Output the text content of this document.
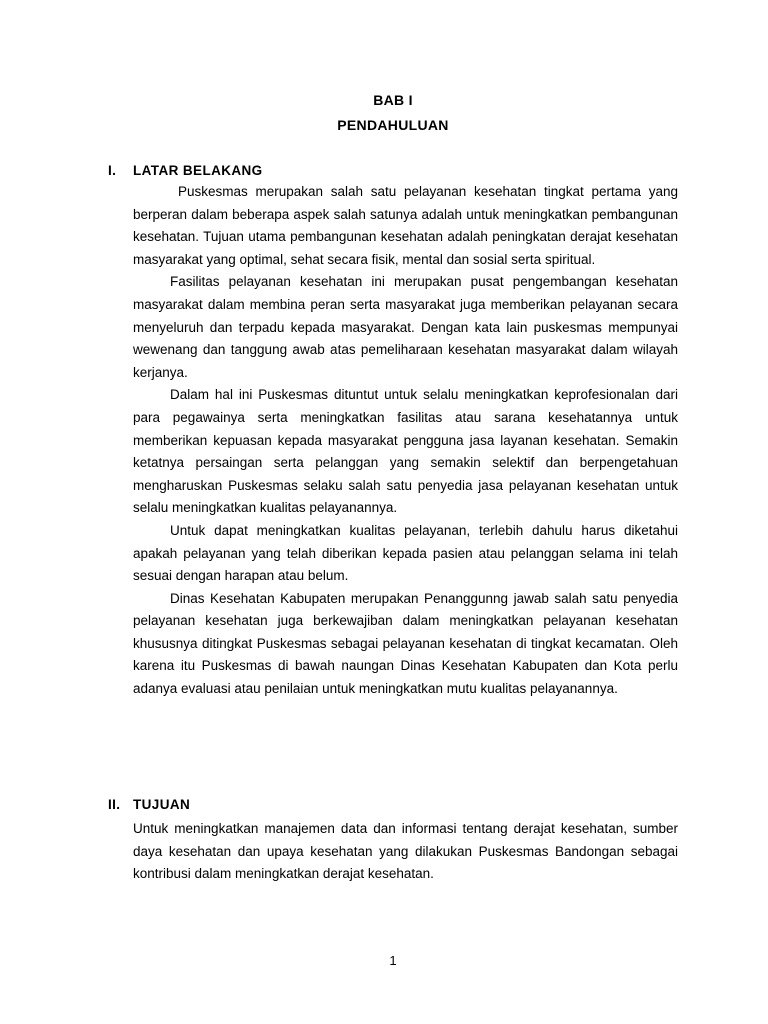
BAB I
PENDAHULUAN
I. LATAR BELAKANG

Puskesmas merupakan salah satu pelayanan kesehatan tingkat pertama yang berperan dalam beberapa aspek salah satunya adalah untuk meningkatkan pembangunan kesehatan. Tujuan utama pembangunan kesehatan adalah peningkatan derajat kesehatan masyarakat yang optimal, sehat secara fisik, mental dan sosial serta spiritual.

Fasilitas pelayanan kesehatan ini merupakan pusat pengembangan kesehatan masyarakat dalam membina peran serta masyarakat juga memberikan pelayanan secara menyeluruh dan terpadu kepada masyarakat. Dengan kata lain puskesmas mempunyai wewenang dan tanggung awab atas pemeliharaan kesehatan masyarakat dalam wilayah kerjanya.

Dalam hal ini Puskesmas dituntut untuk selalu meningkatkan keprofesionalan dari para pegawainya serta meningkatkan fasilitas atau sarana kesehatannya untuk memberikan kepuasan kepada masyarakat pengguna jasa layanan kesehatan. Semakin ketatnya persaingan serta pelanggan yang semakin selektif dan berpengetahuan mengharuskan Puskesmas selaku salah satu penyedia jasa pelayanan kesehatan untuk selalu meningkatkan kualitas pelayanannya.

Untuk dapat meningkatkan kualitas pelayanan, terlebih dahulu harus diketahui apakah pelayanan yang telah diberikan kepada pasien atau pelanggan selama ini telah sesuai dengan harapan atau belum.

Dinas Kesehatan Kabupaten merupakan Penanggunng jawab salah satu penyedia pelayanan kesehatan juga berkewajiban dalam meningkatkan pelayanan kesehatan khususnya ditingkat Puskesmas sebagai pelayanan kesehatan di tingkat kecamatan. Oleh karena itu Puskesmas di bawah naungan Dinas Kesehatan Kabupaten dan Kota perlu adanya evaluasi atau penilaian untuk meningkatkan mutu kualitas pelayanannya.

II. TUJUAN

Untuk meningkatkan manajemen data dan informasi tentang derajat kesehatan, sumber daya kesehatan dan upaya kesehatan yang dilakukan Puskesmas Bandongan sebagai kontribusi dalam meningkatkan derajat kesehatan.

1
